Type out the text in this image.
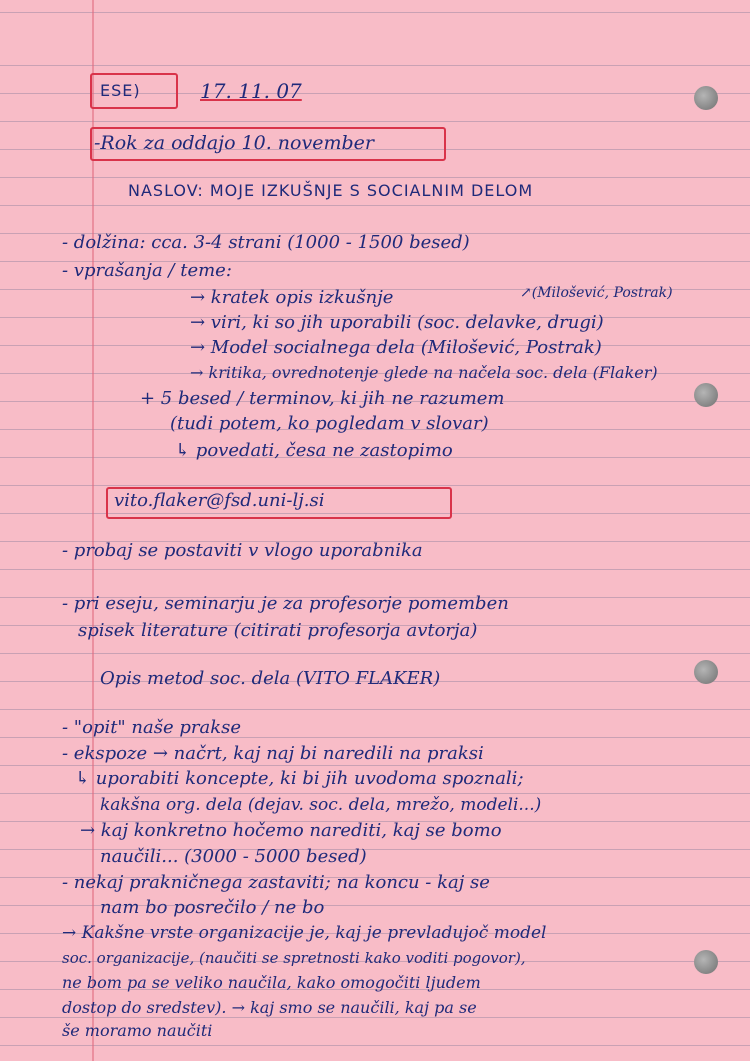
ESE)	17. 11. 07
-Rok za oddajo 10. november
NASLOV: MOJE IZKUŠNJE S SOCIALNIM DELOM
- dolžina: cca. 3-4 strani (1000 - 1500 besed)
- vprašanja / teme:
→ kratek opis izkušnje	↗(Milošević, Postrak)
→ viri, ki so jih uporabili (soc. delavke, drugi)
→ Model socialnega dela (Milošević, Postrak)
→ kritika, ovrednotenje glede na načela soc. dela (Flaker)
+ 5 besed / terminov, ki jih ne razumem
(tudi potem, ko pogledam v slovar)
↳ povedati, česa ne zastopimo
vito.flaker@fsd.uni-lj.si
- probaj se postaviti v vlogo uporabnika
- pri eseju, seminarju je za profesorje pomemben
spisek literature (citirati profesorja avtorja)
Opis metod soc. dela (VITO FLAKER)
- "opit" naše prakse
- ekspoze → načrt, kaj naj bi naredili na praksi
↳ uporabiti koncepte, ki bi jih uvodoma spoznali;
kakšna org. dela (dejav. soc. dela, mrežo, modeli...)
→ kaj konkretno hočemo narediti, kaj se bomo
naučili... (3000 - 5000 besed)
- nekaj prakničnega zastaviti; na koncu - kaj se
nam bo posrečilo / ne bo
→ Kakšne vrste organizacije je, kaj je prevladujoč model
soc. organizacije, (naučiti se spretnosti kako voditi pogovor),
ne bom pa se veliko naučila, kako omogočiti ljudem
dostop do sredstev). → kaj smo se naučili, kaj pa se
še moramo naučiti
